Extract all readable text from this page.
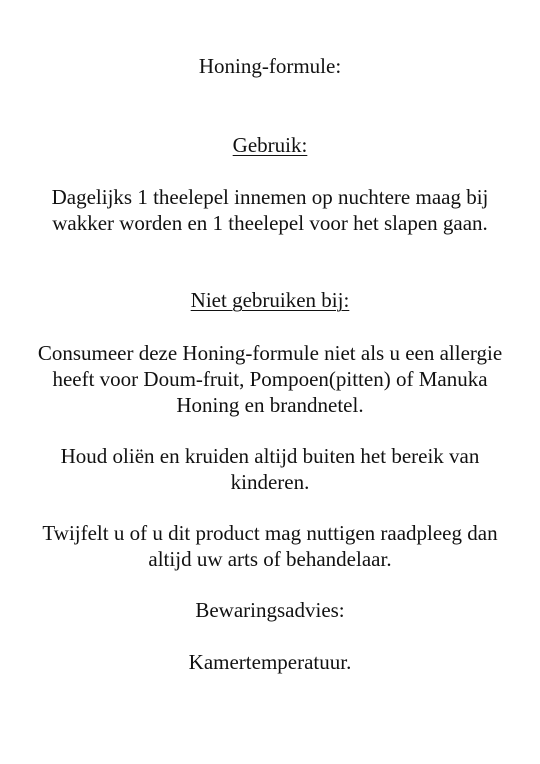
Honing-formule:
Gebruik:
Dagelijks 1 theelepel innemen op nuchtere maag bij
wakker worden en 1 theelepel voor het slapen gaan.
Niet gebruiken bij:
Consumeer deze Honing-formule niet als u een allergie
heeft voor Doum-fruit, Pompoen(pitten) of Manuka
Honing en brandnetel.
Houd oliën en kruiden altijd buiten het bereik van
kinderen.
Twijfelt u of u dit product mag nuttigen raadpleeg dan
altijd uw arts of behandelaar.
Bewaringsadvies:
Kamertemperatuur.
